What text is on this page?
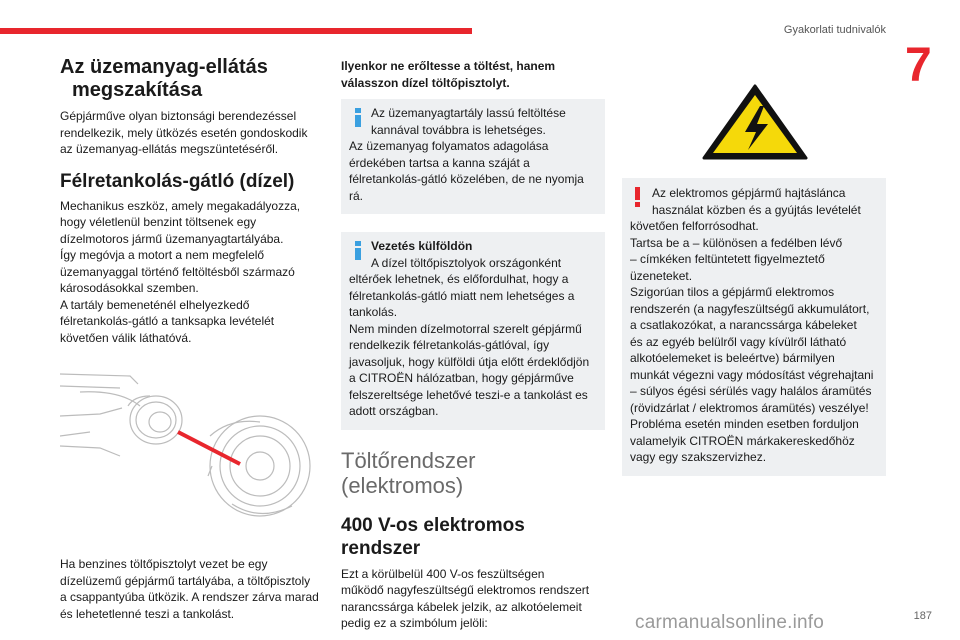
Gyakorlati tudnivalók
7
Az üzemanyag-ellátás
megszakítása

Gépjárműve olyan biztonsági berendezéssel
rendelkezik, mely ütközés esetén gondoskodik
az üzemanyag-ellátás megszüntetéséről.

Félretankolás-gátló (dízel)

Mechanikus eszköz, amely megakadályozza,
hogy véletlenül benzint töltsenek egy
dízelmotoros jármű üzemanyagtartályába.
Így megóvja a motort a nem megfelelő
üzemanyaggal történő feltöltésből származó
károsodásokkal szemben.
A tartály bemeneténél elhelyezkedő
félretankolás-gátló a tanksapka levételét
követően válik láthatóvá.

Ha benzines töltőpisztolyt vezet be egy
dízelüzemű gépjármű tartályába, a töltőpisztoly
a csappantyúba ütközik. A rendszer zárva marad
és lehetetlenné teszi a tankolást.

Ilyenkor ne erőltesse a töltést, hanem
válasszon dízel töltőpisztolyt.

Az üzemanyagtartály lassú feltöltése
kannával továbbra is lehetséges.

Az üzemanyag folyamatos adagolása
érdekében tartsa a kanna száját a
félretankolás-gátló közelében, de ne nyomja
rá.

Vezetés külföldön

A dízel töltőpisztolyok országonként

eltérőek lehetnek, és előfordulhat, hogy a
félretankolás-gátló miatt nem lehetséges a
tankolás.
Nem minden dízelmotorral szerelt gépjármű
rendelkezik félretankolás-gátlóval, így
javasoljuk, hogy külföldi útja előtt érdeklődjön
a CITROËN hálózatban, hogy gépjárműve
felszereltsége lehetővé teszi-e a tankolást es
adott országban.

Töltőrendszer
(elektromos)
400 V-os elektromos
rendszer

Ezt a körülbelül 400 V-os feszültségen
működő nagyfeszültségű elektromos rendszert
narancssárga kábelek jelzik, az alkotóelemeit
pedig ez a szimbólum jelöli:

Az elektromos gépjármű hajtáslánca
használat közben és a gyújtás levételét

követően felforrósodhat.
Tartsa be a – különösen a fedélben lévő
– címkéken feltüntetett figyelmeztető
üzeneteket.
Szigorúan tilos a gépjármű elektromos
rendszerén (a nagyfeszültségű akkumulátort,
a csatlakozókat, a narancssárga kábeleket
és az egyéb belülről vagy kívülről látható
alkotóelemeket is beleértve) bármilyen
munkát végezni vagy módosítást végrehajtani
– súlyos égési sérülés vagy halálos áramütés
(rövidzárlat / elektromos áramütés) veszélye!
Probléma esetén minden esetben forduljon
valamelyik CITROËN márkakereskedőhöz
vagy egy szakszervizhez.

carmanualsonline.info	187
